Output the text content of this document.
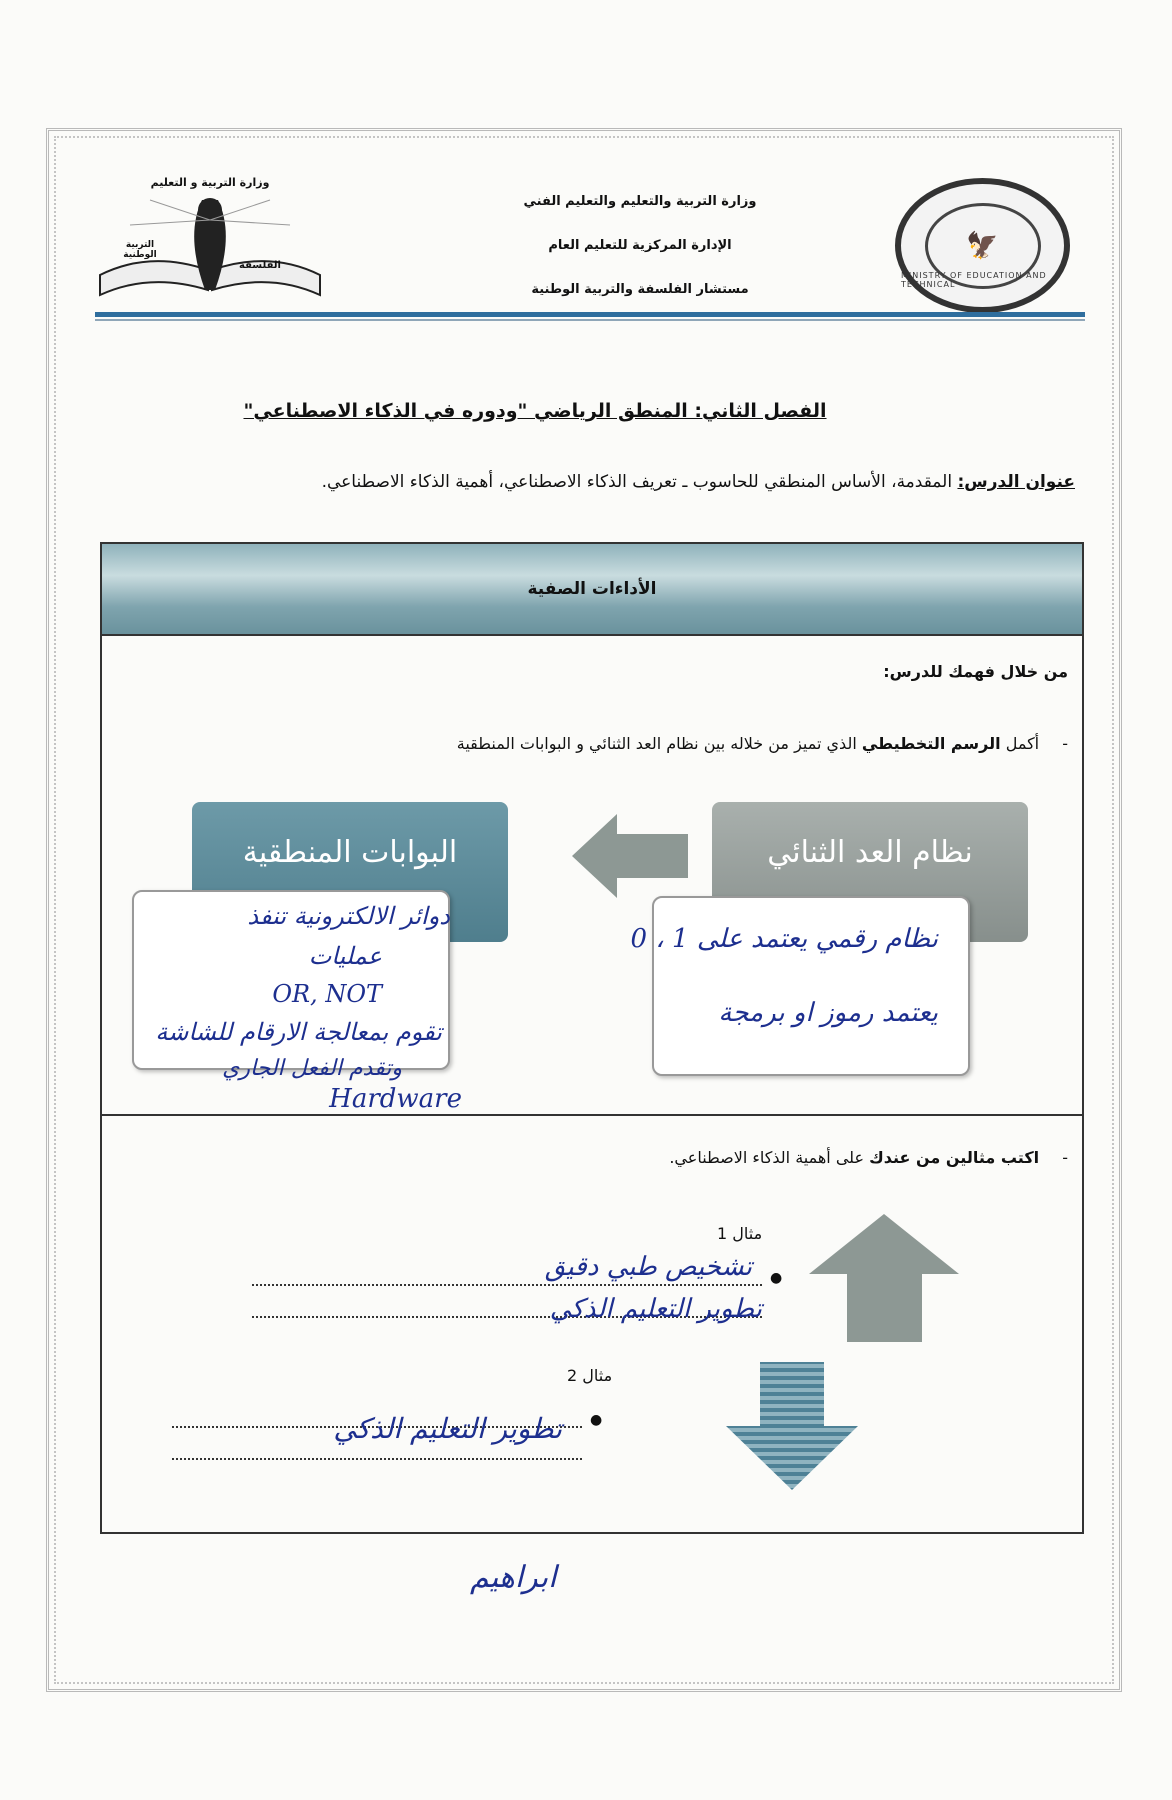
وزارة التربية و التعليم
التربية الوطنية
الفلسفة
وزارة التربية والتعليم والتعليم الفني
الإدارة المركزية للتعليم العام
مستشار الفلسفة والتربية الوطنية
🦅
MINISTRY OF EDUCATION AND TECHNICAL
الفصل الثاني: المنطق الرياضي "ودوره في الذكاء الاصطناعي"
عنوان الدرس: المقدمة، الأساس المنطقي للحاسوب ـ تعريف الذكاء الاصطناعي، أهمية الذكاء الاصطناعي.
الأداءات الصفية
من خلال فهمك للدرس:
- أكمل الرسم التخطيطي الذي تميز من خلاله بين نظام العد الثنائي و البوابات المنطقية
نظام العد الثنائي
البوابات المنطقية
نظام رقمي يعتمد على 1 ، 0
يعتمد رموز او برمجة
دوائر الالكترونية تنفذ
عمليات
OR, NOT
تقوم بمعالجة الارقام للشاشة
وتقدم الفعل الجاري
Hardware
- اكتب مثالين من عندك على أهمية الذكاء الاصطناعي.
مثال 1
●
تشخيص طبي دقيق
تطوير التعليم الذكي
مثال 2
●
تطوير التعليم الذكي
ابراهيم
